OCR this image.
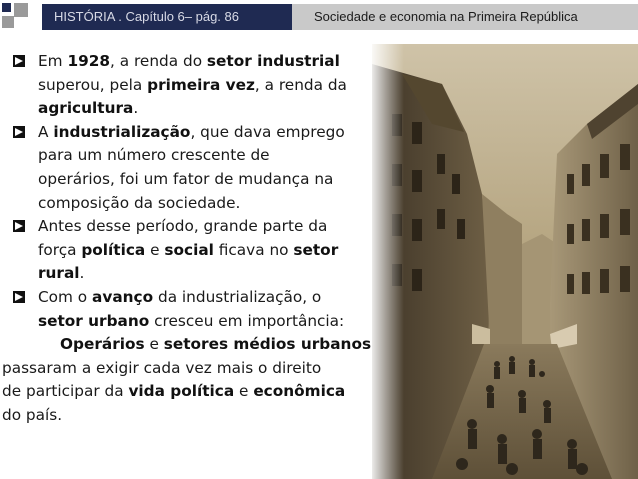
HISTÓRIA . Capítulo 6– pág. 86	Sociedade e economia na Primeira República
Em 1928, a renda do setor industrial
superou, pela primeira vez, a renda da
agricultura.
A industrialização, que dava emprego
para um número crescente de
operários, foi um fator de mudança na
composição da sociedade.
Antes desse período, grande parte da
força política e social ficava no setor
rural.
Com o avanço da industrialização, o
setor urbano cresceu em importância:
Operários e setores médios urbanos
passaram a exigir cada vez mais o direito
de participar da vida política e econômica
do país.
